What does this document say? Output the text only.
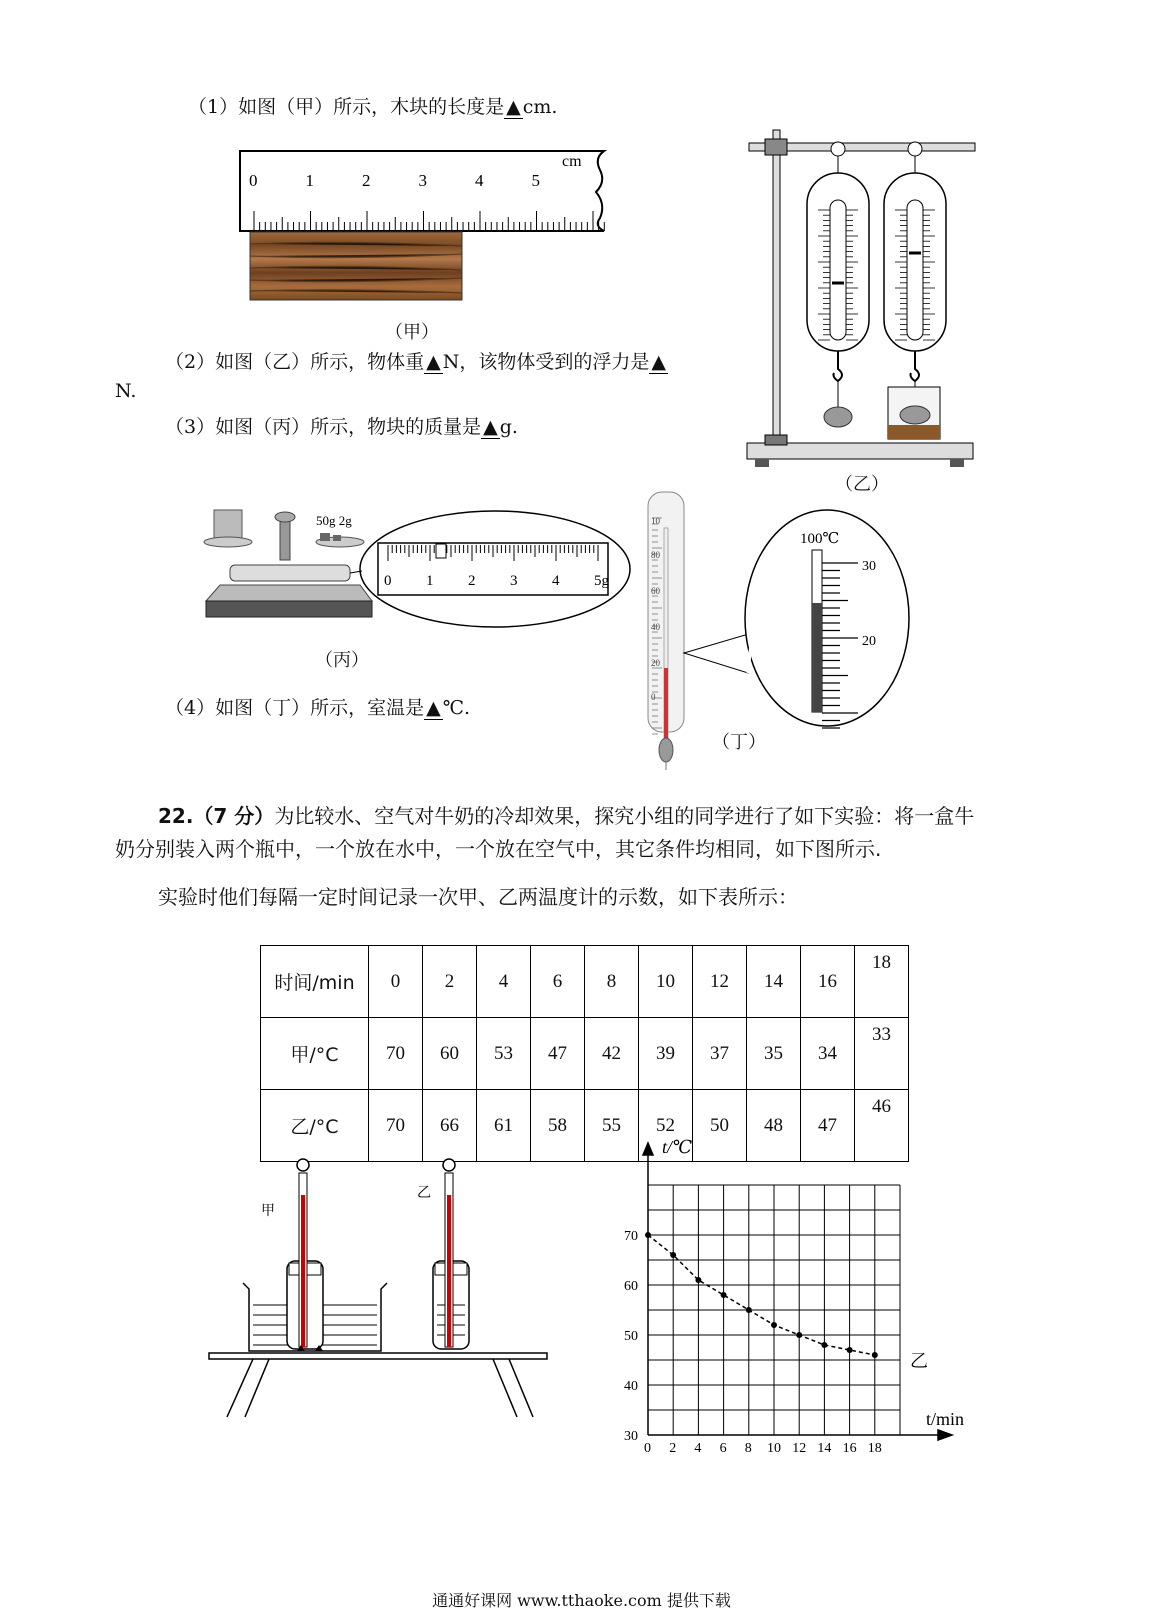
（1）如图（甲）所示，木块的长度是 ▲ cm.
cm
0	1	2	3	4	5
（甲）
（2）如图（乙）所示，物体重 ▲ N，该物体受到的浮力是 ▲
N.
（3）如图（丙）所示，物块的质量是 ▲ g.
（乙）
50g 2g
0 1 2 3 4 5g
（丙）
（4）如图（丁）所示，室温是 ▲ ℃.
10
80
60
40
20
0
100℃
30
20
（丁）
22.（7 分）为比较水、空气对牛奶的冷却效果，探究小组的同学进行了如下实验：将一盒牛
奶分别装入两个瓶中，一个放在水中，一个放在空气中，其它条件均相同，如下图所示.
实验时他们每隔一定时间记录一次甲、乙两温度计的示数，如下表所示：
时间/min	0	2	4	6	8	10	12	14	16	18
甲/°C	70	60	53	47	42	39	37	35	34	33
乙/°C	70	66	61	58	55	52	50	48	47	46
甲
乙
30
40
50
60
70
0 2 4 6 8 10 12 14 16 18
t/℃
t/min
乙
通通好课网 www.tthaoke.com 提供下载
